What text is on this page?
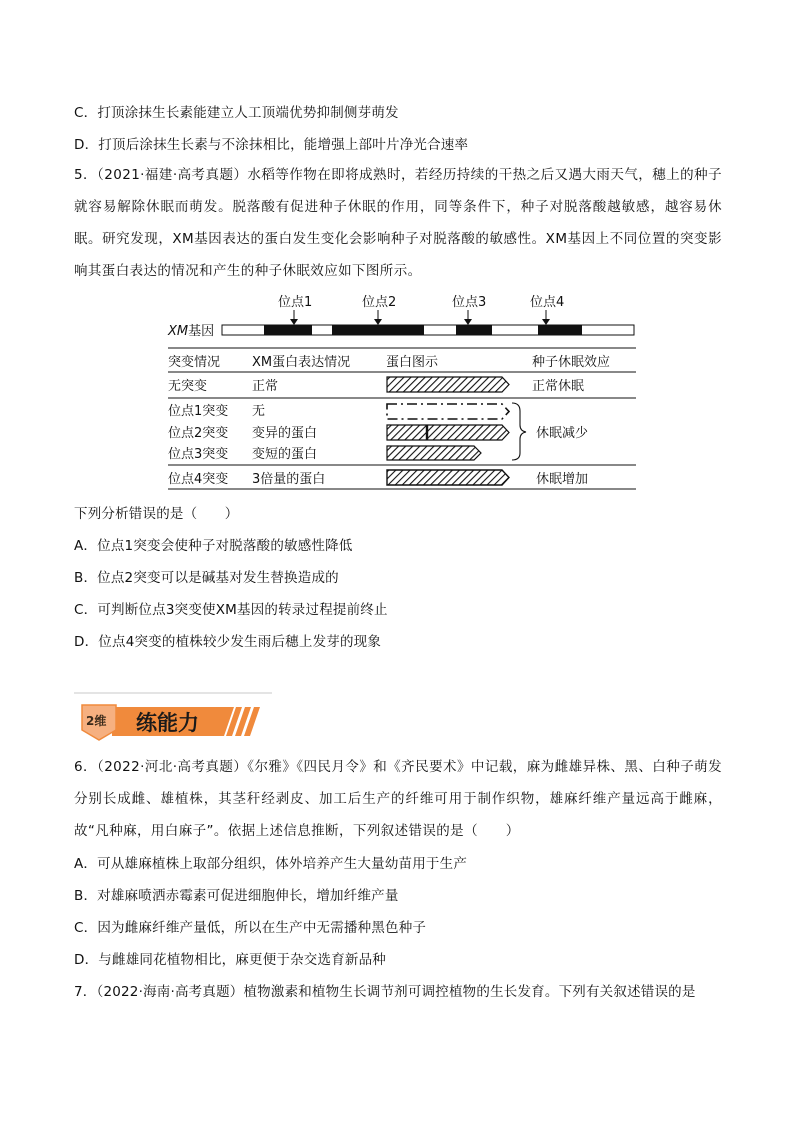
C．打顶涂抹生长素能建立人工顶端优势抑制侧芽萌发
D．打顶后涂抹生长素与不涂抹相比，能增强上部叶片净光合速率
5．（2021·福建·高考真题）水稻等作物在即将成熟时，若经历持续的干热之后又遇大雨天气，穗上的种子就容易解除休眠而萌发。脱落酸有促进种子休眠的作用，同等条件下，种子对脱落酸越敏感，越容易休眠。研究发现，XM基因表达的蛋白发生变化会影响种子对脱落酸的敏感性。XM基因上不同位置的突变影响其蛋白表达的情况和产生的种子休眠效应如下图所示。
位点1	位点2	位点3	位点4
XM基因
突变情况 XM蛋白表达情况	蛋白图示	种子休眠效应
无突变	正常	正常休眠
位点1突变 无
位点2突变 变异的蛋白
位点3突变 变短的蛋白
休眠减少
位点4突变 3倍量的蛋白	休眠增加
下列分析错误的是（　　）
A．位点1突变会使种子对脱落酸的敏感性降低
B．位点2突变可以是碱基对发生替换造成的
C．可判断位点3突变使XM基因的转录过程提前终止
D．位点4突变的植株较少发生雨后穗上发芽的现象
2维 练能力
6．（2022·河北·高考真题）《尔雅》《四民月令》和《齐民要术》中记载，麻为雌雄异株、黑、白种子萌发分别长成雌、雄植株，其茎秆经剥皮、加工后生产的纤维可用于制作织物，雄麻纤维产量远高于雌麻，故“凡种麻，用白麻子”。依据上述信息推断，下列叙述错误的是（　　）
A．可从雄麻植株上取部分组织，体外培养产生大量幼苗用于生产
B．对雄麻喷洒赤霉素可促进细胞伸长，增加纤维产量
C．因为雌麻纤维产量低，所以在生产中无需播种黑色种子
D．与雌雄同花植物相比，麻更便于杂交选育新品种
7．（2022·海南·高考真题）植物激素和植物生长调节剂可调控植物的生长发育。下列有关叙述错误的是
